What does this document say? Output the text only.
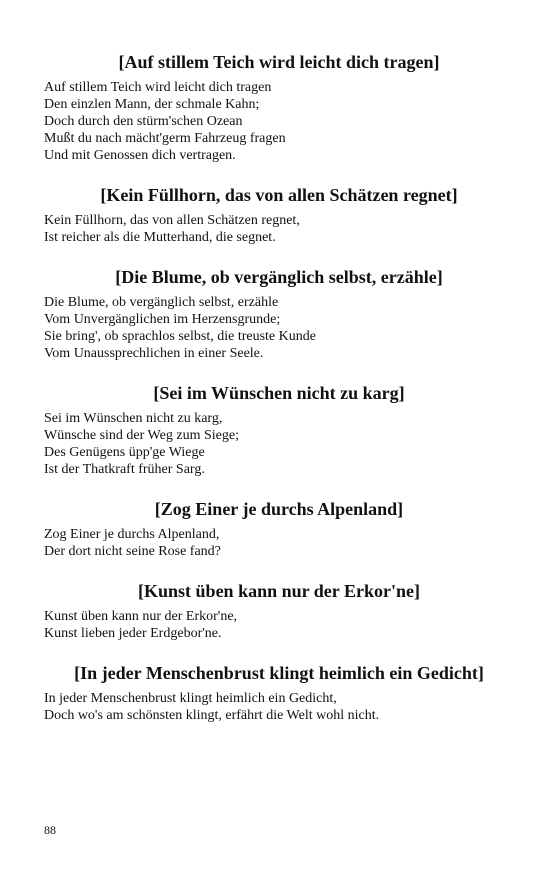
[Auf stillem Teich wird leicht dich tragen]
Auf stillem Teich wird leicht dich tragen
Den einzlen Mann, der schmale Kahn;
Doch durch den stürm'schen Ozean
Mußt du nach mächt'germ Fahrzeug fragen
Und mit Genossen dich vertragen.
[Kein Füllhorn, das von allen Schätzen regnet]
Kein Füllhorn, das von allen Schätzen regnet,
Ist reicher als die Mutterhand, die segnet.
[Die Blume, ob vergänglich selbst, erzähle]
Die Blume, ob vergänglich selbst, erzähle
Vom Unvergänglichen im Herzensgrunde;
Sie bring', ob sprachlos selbst, die treuste Kunde
Vom Unaussprechlichen in einer Seele.
[Sei im Wünschen nicht zu karg]
Sei im Wünschen nicht zu karg,
Wünsche sind der Weg zum Siege;
Des Genügens üpp'ge Wiege
Ist der Thatkraft früher Sarg.
[Zog Einer je durchs Alpenland]
Zog Einer je durchs Alpenland,
Der dort nicht seine Rose fand?
[Kunst üben kann nur der Erkor'ne]
Kunst üben kann nur der Erkor'ne,
Kunst lieben jeder Erdgebor'ne.
[In jeder Menschenbrust klingt heimlich ein Gedicht]
In jeder Menschenbrust klingt heimlich ein Gedicht,
Doch wo's am schönsten klingt, erfährt die Welt wohl nicht.
88
